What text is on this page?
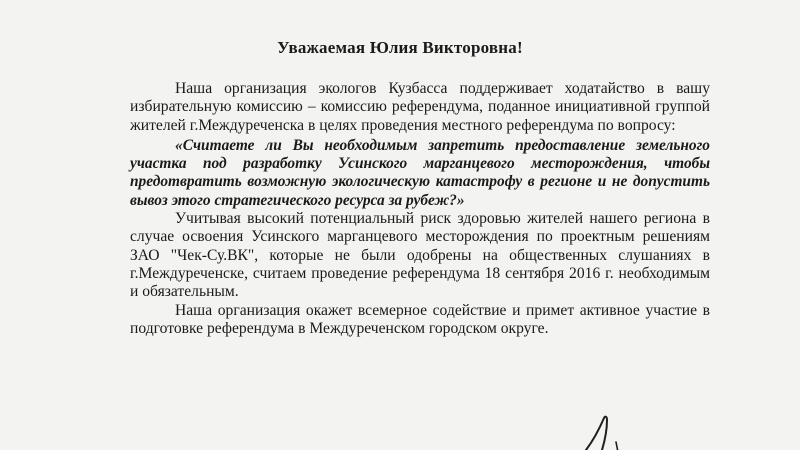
Уважаемая Юлия Викторовна!

Наша организация экологов Кузбасса поддерживает ходатайство в вашу избирательную комиссию – комиссию референдума, поданное инициативной группой жителей г.Междуреченска в целях проведения местного референдума по вопросу:

«Считаете ли Вы необходимым запретить предоставление земельного участка под разработку Усинского марганцевого месторождения, чтобы предотвратить возможную экологическую катастрофу в регионе и не допустить вывоз этого стратегического ресурса за рубеж?»

Учитывая высокий потенциальный риск здоровью жителей нашего региона в случае освоения Усинского марганцевого месторождения по проектным решениям ЗАО "Чек-Су.ВК", которые не были одобрены на общественных слушаниях в г.Междуреченске, считаем проведение референдума 18 сентября 2016 г. необходимым и обязательным.

Наша организация окажет всемерное содействие и примет активное участие в подготовке референдума в Междуреченском городском округе.
